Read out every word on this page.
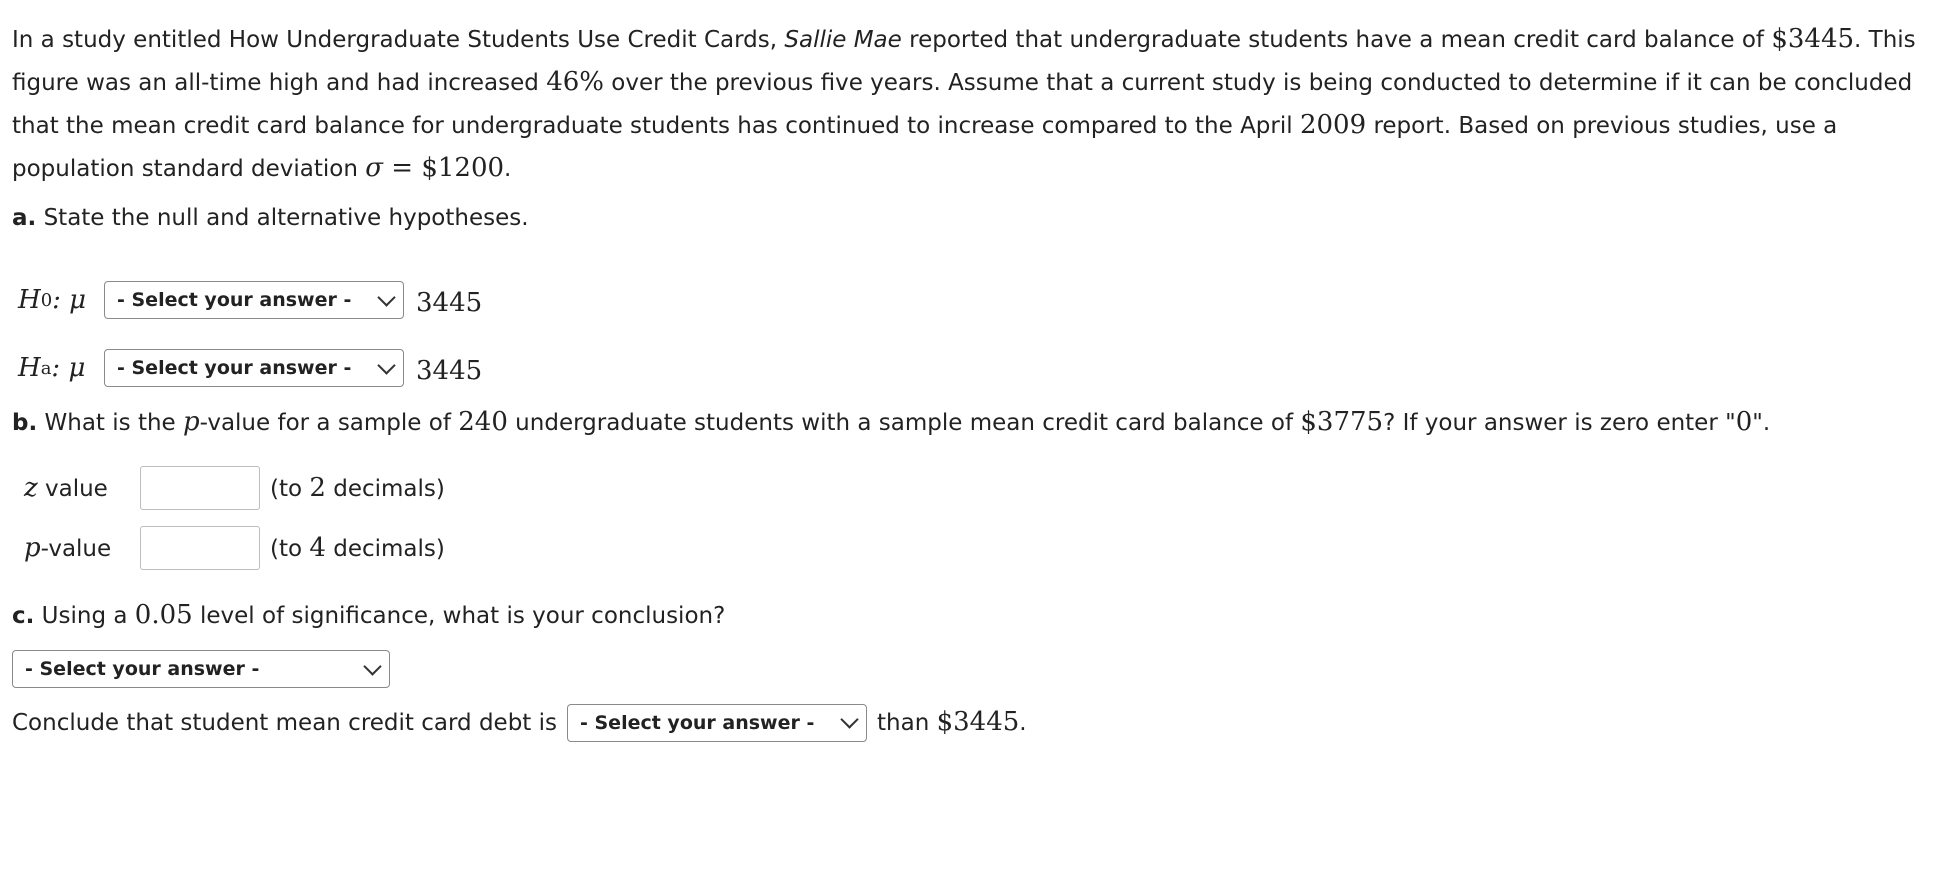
In a study entitled How Undergraduate Students Use Credit Cards, Sallie Mae reported that undergraduate students have a mean credit card balance of $3445. This figure was an all-time high and had increased 46% over the previous five years. Assume that a current study is being conducted to determine if it can be concluded that the mean credit card balance for undergraduate students has continued to increase compared to the April 2009 report. Based on previous studies, use a population standard deviation σ = $1200.

a. State the null and alternative hypotheses.
H 0 : μ - Select your answer - 3445
H a : μ - Select your answer - 3445
b. What is the p-value for a sample of 240 undergraduate students with a sample mean credit card balance of $3775? If your answer is zero enter "0".
z value	(to 2 decimals)
p-value	(to 4 decimals)
c. Using a 0.05 level of significance, what is your conclusion?
- Select your answer -
Conclude that student mean credit card debt is - Select your answer -	than $3445.
